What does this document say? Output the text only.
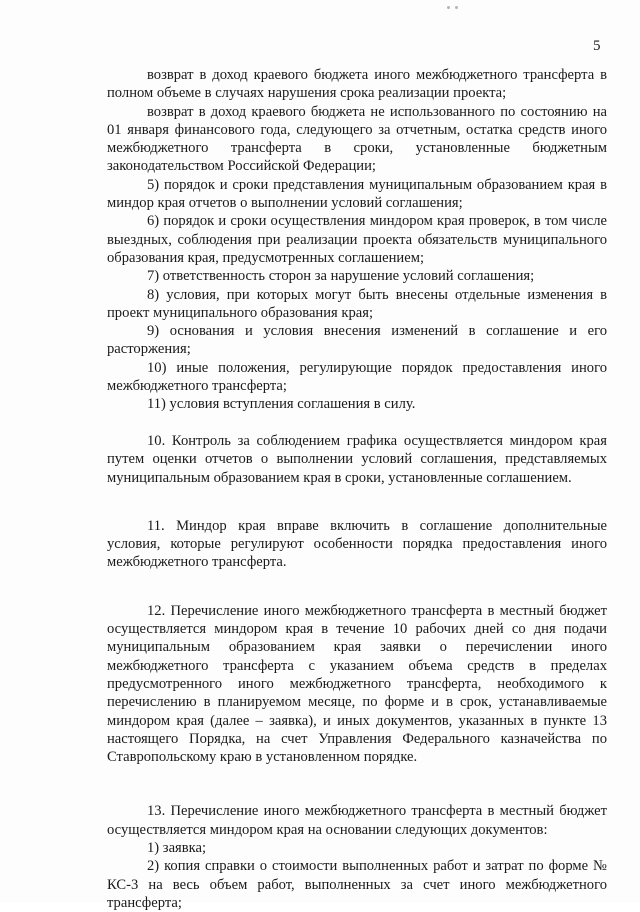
5

возврат в доход краевого бюджета иного межбюджетного трансферта в полном объеме в случаях нарушения срока реализации проекта;

возврат в доход краевого бюджета не использованного по состоянию на 01 января финансового года, следующего за отчетным, остатка средств иного межбюджетного трансферта в сроки, установленные бюджетным законодательством Российской Федерации;

5) порядок и сроки представления муниципальным образованием края в миндор края отчетов о выполнении условий соглашения;

6) порядок и сроки осуществления миндором края проверок, в том числе выездных, соблюдения при реализации проекта обязательств муниципального образования края, предусмотренных соглашением;

7) ответственность сторон за нарушение условий соглашения;

8) условия, при которых могут быть внесены отдельные изменения в проект муниципального образования края;

9) основания и условия внесения изменений в соглашение и его расторжения;

10) иные положения, регулирующие порядок предоставления иного межбюджетного трансферта;

11) условия вступления соглашения в силу.

10. Контроль за соблюдением графика осуществляется миндором края путем оценки отчетов о выполнении условий соглашения, представляемых муниципальным образованием края в сроки, установленные соглашением.

11. Миндор края вправе включить в соглашение дополнительные условия, которые регулируют особенности порядка предоставления иного межбюджетного трансферта.

12. Перечисление иного межбюджетного трансферта в местный бюджет осуществляется миндором края в течение 10 рабочих дней со дня подачи муниципальным образованием края заявки о перечислении иного межбюджетного трансферта с указанием объема средств в пределах предусмотренного иного межбюджетного трансферта, необходимого к перечислению в планируемом месяце, по форме и в срок, устанавливаемые миндором края (далее – заявка), и иных документов, указанных в пункте 13 настоящего Порядка, на счет Управления Федерального казначейства по Ставропольскому краю в установленном порядке.

13. Перечисление иного межбюджетного трансферта в местный бюджет осуществляется миндором края на основании следующих документов:

1) заявка;

2) копия справки о стоимости выполненных работ и затрат по форме № КС-3 на весь объем работ, выполненных за счет иного межбюджетного трансферта;
